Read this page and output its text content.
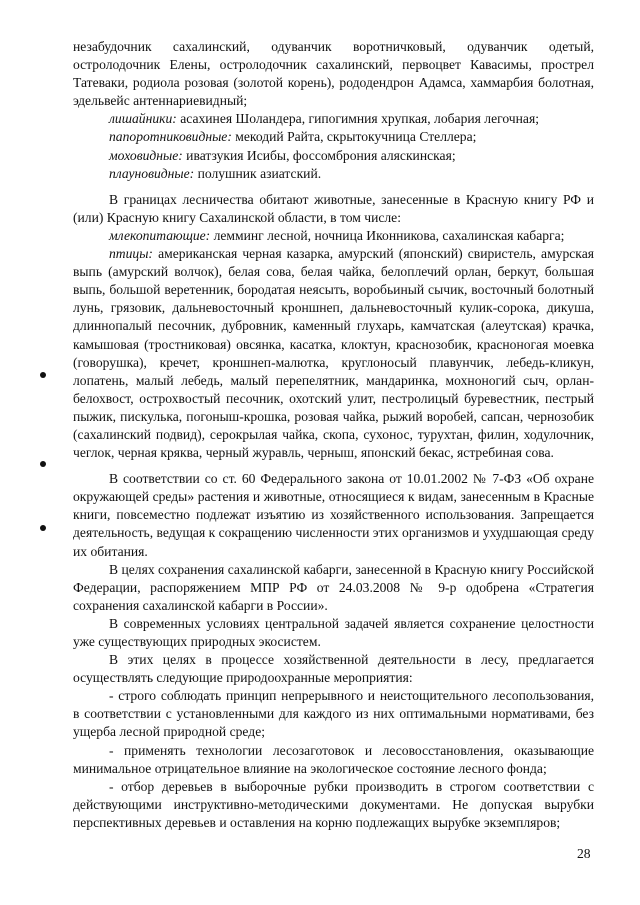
незабудочник сахалинский, одуванчик воротничковый, одуванчик одетый, остролодочник Елены, остролодочник сахалинский, первоцвет Кавасимы, прострел Татеваки, родиола розовая (золотой корень), рододендрон Адамса, хаммарбия болотная, эдельвейс антеннариевидный;

лишайники: асахинея Шоландера, гипогимния хрупкая, лобария легочная;

папоротниковидные: мекодий Райта, скрытокучница Стеллера;

моховидные: иватзукия Исибы, фоссомброния аляскинская;

плауновидные: полушник азиатский.

В границах лесничества обитают животные, занесенные в Красную книгу РФ и (или) Красную книгу Сахалинской области, в том числе:

млекопитающие: лемминг лесной, ночница Иконникова, сахалинская кабарга;

птицы: американская черная казарка, амурский (японский) свиристель, амурская выпь (амурский волчок), белая сова, белая чайка, белоплечий орлан, беркут, большая выпь, большой веретенник, бородатая неясыть, воробьиный сычик, восточный болотный лунь, грязовик, дальневосточный кроншнеп, дальневосточный кулик-сорока, дикуша, длиннопалый песочник, дубровник, каменный глухарь, камчатская (алеутская) крачка, камышовая (тростниковая) овсянка, касатка, клоктун, краснозобик, красноногая моевка (говорушка), кречет, кроншнеп-малютка, круглоносый плавунчик, лебедь-кликун, лопатень, малый лебедь, малый перепелятник, мандаринка, мохноногий сыч, орлан-белохвост, острохвостый песочник, охотский улит, пестролицый буревестник, пестрый пыжик, пискулька, погоныш-крошка, розовая чайка, рыжий воробей, сапсан, чернозобик (сахалинский подвид), серокрылая чайка, скопа, сухонос, турухтан, филин, ходулочник, чеглок, черная кряква, черный журавль, черныш, японский бекас, ястребиная сова.

В соответствии со ст. 60 Федерального закона от 10.01.2002 № 7-ФЗ «Об охране окружающей среды» растения и животные, относящиеся к видам, занесенным в Красные книги, повсеместно подлежат изъятию из хозяйственного использования. Запрещается деятельность, ведущая к сокращению численности этих организмов и ухудшающая среду их обитания.

В целях сохранения сахалинской кабарги, занесенной в Красную книгу Российской Федерации, распоряжением МПР РФ от 24.03.2008 № 9-р одобрена «Стратегия сохранения сахалинской кабарги в России».

В современных условиях центральной задачей является сохранение целостности уже существующих природных экосистем.

В этих целях в процессе хозяйственной деятельности в лесу, предлагается осуществлять следующие природоохранные мероприятия:

- строго соблюдать принцип непрерывного и неистощительного лесопользования, в соответствии с установленными для каждого из них оптимальными нормативами, без ущерба лесной природной среде;

- применять технологии лесозаготовок и лесовосстановления, оказывающие минимальное отрицательное влияние на экологическое состояние лесного фонда;

- отбор деревьев в выборочные рубки производить в строгом соответствии с действующими инструктивно-методическими документами. Не допуская вырубки перспективных деревьев и оставления на корню подлежащих вырубке экземпляров;

28
